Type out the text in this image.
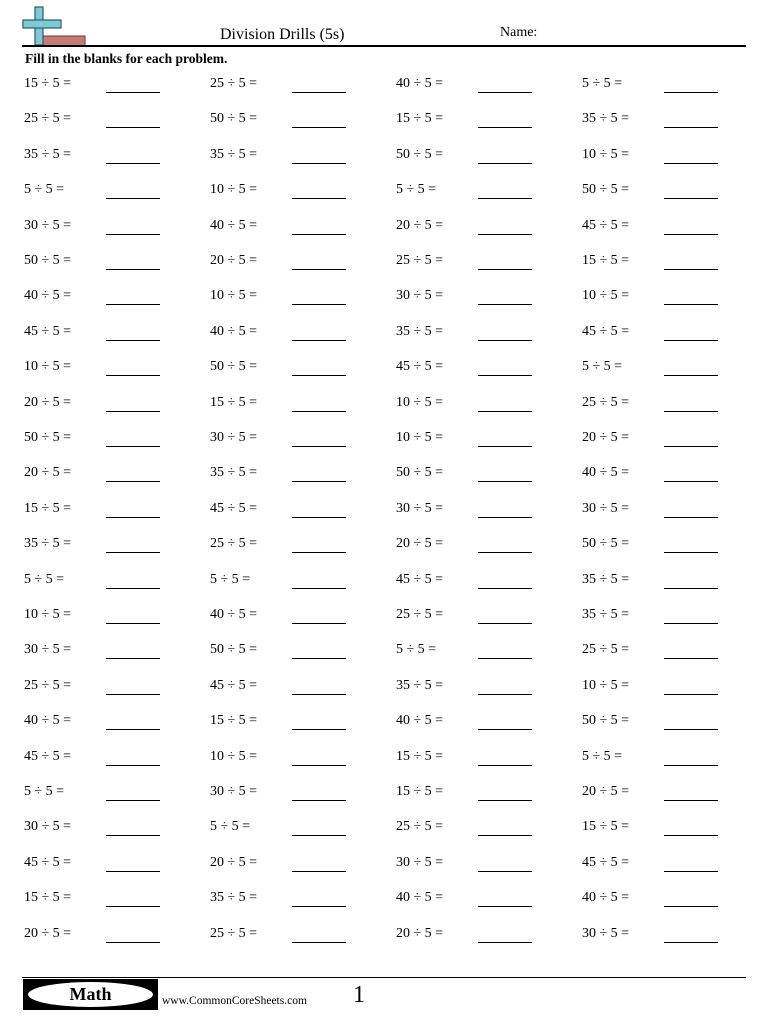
Division Drills (5s)	Name:
Fill in the blanks for each problem.
15 ÷ 5 =	25 ÷ 5 =	40 ÷ 5 =	5 ÷ 5 =
25 ÷ 5 =	50 ÷ 5 =	15 ÷ 5 =	35 ÷ 5 =
35 ÷ 5 =	35 ÷ 5 =	50 ÷ 5 =	10 ÷ 5 =
5 ÷ 5 =	10 ÷ 5 =	5 ÷ 5 =	50 ÷ 5 =
30 ÷ 5 =	40 ÷ 5 =	20 ÷ 5 =	45 ÷ 5 =
50 ÷ 5 =	20 ÷ 5 =	25 ÷ 5 =	15 ÷ 5 =
40 ÷ 5 =	10 ÷ 5 =	30 ÷ 5 =	10 ÷ 5 =
45 ÷ 5 =	40 ÷ 5 =	35 ÷ 5 =	45 ÷ 5 =
10 ÷ 5 =	50 ÷ 5 =	45 ÷ 5 =	5 ÷ 5 =
20 ÷ 5 =	15 ÷ 5 =	10 ÷ 5 =	25 ÷ 5 =
50 ÷ 5 =	30 ÷ 5 =	10 ÷ 5 =	20 ÷ 5 =
20 ÷ 5 =	35 ÷ 5 =	50 ÷ 5 =	40 ÷ 5 =
15 ÷ 5 =	45 ÷ 5 =	30 ÷ 5 =	30 ÷ 5 =
35 ÷ 5 =	25 ÷ 5 =	20 ÷ 5 =	50 ÷ 5 =
5 ÷ 5 =	5 ÷ 5 =	45 ÷ 5 =	35 ÷ 5 =
10 ÷ 5 =	40 ÷ 5 =	25 ÷ 5 =	35 ÷ 5 =
30 ÷ 5 =	50 ÷ 5 =	5 ÷ 5 =	25 ÷ 5 =
25 ÷ 5 =	45 ÷ 5 =	35 ÷ 5 =	10 ÷ 5 =
40 ÷ 5 =	15 ÷ 5 =	40 ÷ 5 =	50 ÷ 5 =
45 ÷ 5 =	10 ÷ 5 =	15 ÷ 5 =	5 ÷ 5 =
5 ÷ 5 =	30 ÷ 5 =	15 ÷ 5 =	20 ÷ 5 =
30 ÷ 5 =	5 ÷ 5 =	25 ÷ 5 =	15 ÷ 5 =
45 ÷ 5 =	20 ÷ 5 =	30 ÷ 5 =	45 ÷ 5 =
15 ÷ 5 =	35 ÷ 5 =	40 ÷ 5 =	40 ÷ 5 =
20 ÷ 5 =	25 ÷ 5 =	20 ÷ 5 =	30 ÷ 5 =
Math	www.CommonCoreSheets.com 1
